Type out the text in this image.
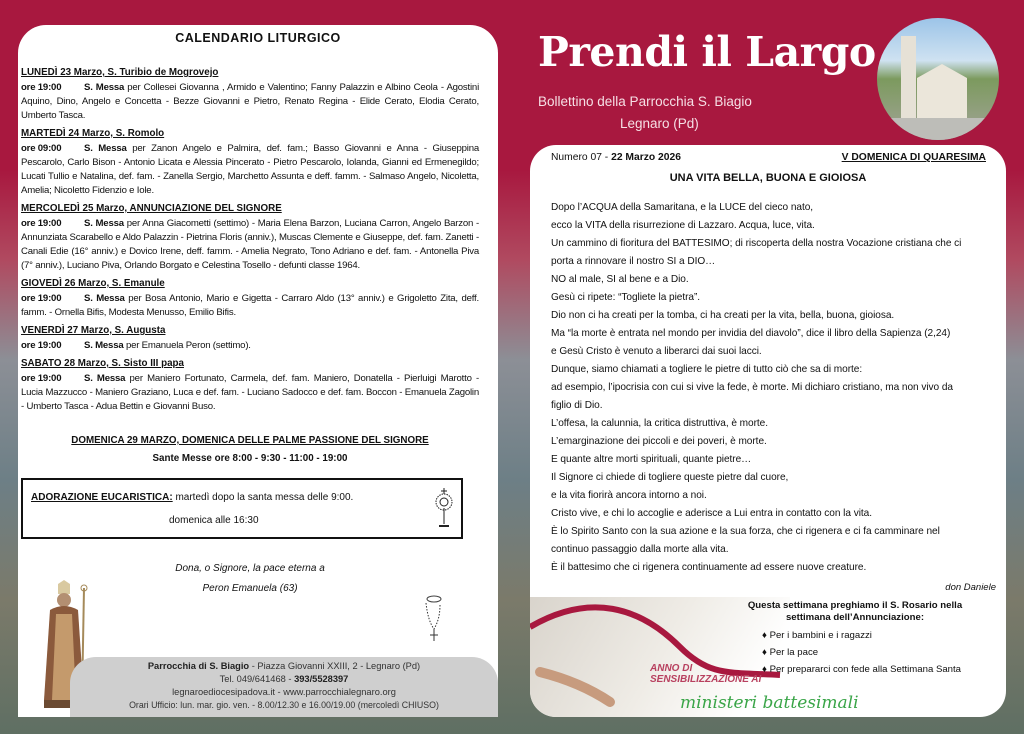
Prendi il Largo
Bollettino della Parrocchia S. Biagio
Legnaro (Pd)
CALENDARIO LITURGICO
LUNEDÌ 23 Marzo, S. Turibio de Mogrovejo
ore 19:00 S. Messa per Collesei Giovanna , Armido e Valentino; Fanny Palazzin e Albino Ceola - Agostini Aquino, Dino, Angelo e Concetta - Bezze Giovanni e Pietro, Renato Regina - Elide Cerato, Elodia Cerato, Umberto Tasca.
MARTEDÌ 24 Marzo, S. Romolo
ore 09:00 S. Messa per Zanon Angelo e Palmira, def. fam.; Basso Giovanni e Anna - Giuseppina Pescarolo, Carlo Bison - Antonio Licata e Alessia Pincerato - Pietro Pescarolo, Iolanda, Gianni ed Ermenegildo; Lucati Tullio e Natalina, def. fam. - Zanella Sergio, Marchetto Assunta e deff. famm. - Salmaso Angelo, Nicoletta, Amelia; Nicoletto Fidenzio e Iole.
MERCOLEDÌ 25 Marzo, ANNUNCIAZIONE DEL SIGNORE
ore 19:00 S. Messa per Anna Giacometti (settimo) - Maria Elena Barzon, Luciana Carron, Angelo Barzon - Annunziata Scarabello e Aldo Palazzin - Pietrina Floris (anniv.), Muscas Clemente e Giuseppe, def. fam. Zanetti - Canali Edie (16° anniv.) e Dovico Irene, deff. famm. - Amelia Negrato, Tono Adriano e def. fam. - Antonella Piva (7° anniv.), Luciano Piva, Orlando Borgato e Celestina Tosello - defunti classe 1964.
GIOVEDÌ 26 Marzo, S. Emanule
ore 19:00 S. Messa per Bosa Antonio, Mario e Gigetta - Carraro Aldo (13° anniv.) e Grigoletto Zita, deff. famm. - Ornella Bifis, Modesta Menusso, Emilio Bifis.
VENERDÌ 27 Marzo, S. Augusta
ore 19:00 S. Messa per Emanuela Peron (settimo).
SABATO 28 Marzo, S. Sisto III papa
ore 19:00 S. Messa per Maniero Fortunato, Carmela, def. fam. Maniero, Donatella - Pierluigi Marotto - Lucia Mazzucco - Maniero Graziano, Luca e def. fam. - Luciano Sadocco e def. fam. Boccon - Emanuela Zagolin - Umberto Tasca - Adua Bettin e Giovanni Buso.
DOMENICA 29 MARZO, DOMENICA DELLE PALME PASSIONE DEL SIGNORE
Sante Messe ore 8:00 - 9:30 - 11:00 - 19:00
ADORAZIONE EUCARISTICA: martedì dopo la santa messa delle 9:00.
domenica alle 16:30
Dona, o Signore, la pace eterna a
Peron Emanuela (63)
Parrocchia di S. Biagio - Piazza Giovanni XXIII, 2 - Legnaro (Pd)
Tel. 049/641468 - 393/5528397
legnaroediocesipadova.it - www.parrocchialegnaro.org
Orari Ufficio: lun. mar. gio. ven. - 8.00/12.30 e 16.00/19.00 (mercoledì CHIUSO)
Numero 07 - 22 Marzo 2026	V DOMENICA DI QUARESIMA
UNA VITA BELLA, BUONA E GIOIOSA
Dopo l’ACQUA della Samaritana, e la LUCE del cieco nato,
ecco la VITA della risurrezione di Lazzaro. Acqua, luce, vita.
Un cammino di fioritura del BATTESIMO; di riscoperta della nostra Vocazione cristiana che ci
porta a rinnovare il nostro SI a DIO…
NO al male, SI al bene e a Dio.
Gesù ci ripete: “Togliete la pietra”.
Dio non ci ha creati per la tomba, ci ha creati per la vita, bella, buona, gioiosa.
Ma “la morte è entrata nel mondo per invidia del diavolo”, dice il libro della Sapienza (2,24)
e Gesù Cristo è venuto a liberarci dai suoi lacci.
Dunque, siamo chiamati a togliere le pietre di tutto ciò che sa di morte:
ad esempio, l’ipocrisia con cui si vive la fede, è morte. Mi dichiaro cristiano, ma non vivo da
figlio di Dio.
L’offesa, la calunnia, la critica distruttiva, è morte.
L’emarginazione dei piccoli e dei poveri, è morte.
E quante altre morti spirituali, quante pietre…
Il Signore ci chiede di togliere queste pietre dal cuore,
e la vita fiorirà ancora intorno a noi.
Cristo vive, e chi lo accoglie e aderisce a Lui entra in contatto con la vita.
È lo Spirito Santo con la sua azione e la sua forza, che ci rigenera e ci fa camminare nel
continuo passaggio dalla morte alla vita.
È il battesimo che ci rigenera continuamente ad essere nuove creature.
don Daniele
ANNO DI
SENSIBILIZZAZIONE AI
ministeri battesimali
Questa settimana preghiamo il S. Rosario nella
settimana dell’Annunciazione:
♦ Per i bambini e i ragazzi
♦ Per la pace
♦ Per prepararci con fede alla Settimana Santa
